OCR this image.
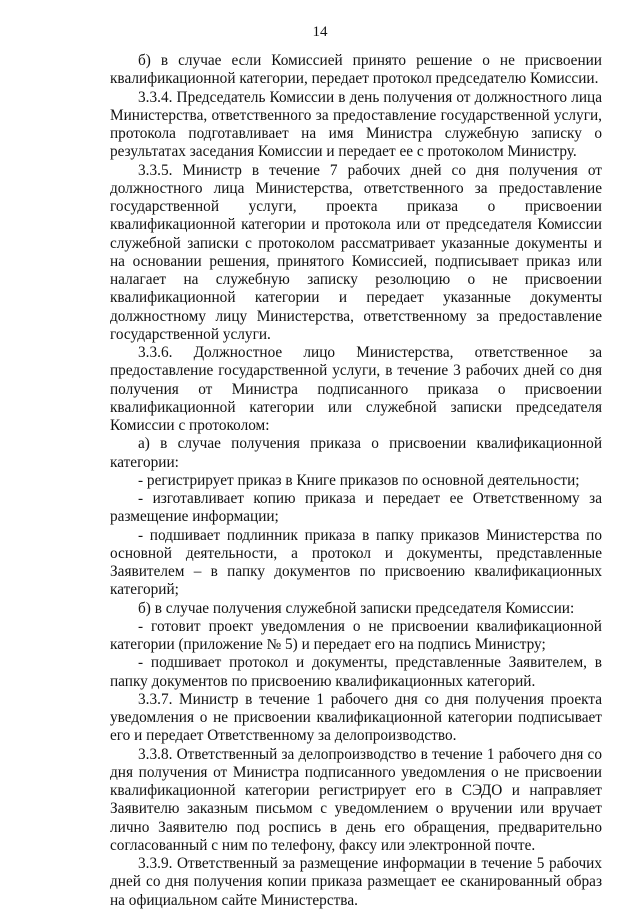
14

б) в случае если Комиссией принято решение о не присвоении квалификационной категории, передает протокол председателю Комиссии.

3.3.4. Председатель Комиссии в день получения от должностного лица Министерства, ответственного за предоставление государственной услуги, протокола подготавливает на имя Министра служебную записку о результатах заседания Комиссии и передает ее с протоколом Министру.

3.3.5. Министр в течение 7 рабочих дней со дня получения от должностного лица Министерства, ответственного за предоставление государственной услуги, проекта приказа о присвоении квалификационной категории и протокола или от председателя Комиссии служебной записки с протоколом рассматривает указанные документы и на основании решения, принятого Комиссией, подписывает приказ или налагает на служебную записку резолюцию о не присвоении квалификационной категории и передает указанные документы должностному лицу Министерства, ответственному за предоставление государственной услуги.

3.3.6. Должностное лицо Министерства, ответственное за предоставление государственной услуги, в течение 3 рабочих дней со дня получения от Министра подписанного приказа о присвоении квалификационной категории или служебной записки председателя Комиссии с протоколом:

а) в случае получения приказа о присвоении квалификационной категории:

- регистрирует приказ в Книге приказов по основной деятельности;

- изготавливает копию приказа и передает ее Ответственному за размещение информации;

- подшивает подлинник приказа в папку приказов Министерства по основной деятельности, а протокол и документы, представленные Заявителем – в папку документов по присвоению квалификационных категорий;

б) в случае получения служебной записки председателя Комиссии:

- готовит проект уведомления о не присвоении квалификационной категории (приложение № 5) и передает его на подпись Министру;

- подшивает протокол и документы, представленные Заявителем, в папку документов по присвоению квалификационных категорий.

3.3.7. Министр в течение 1 рабочего дня со дня получения проекта уведомления о не присвоении квалификационной категории подписывает его и передает Ответственному за делопроизводство.

3.3.8. Ответственный за делопроизводство в течение 1 рабочего дня со дня получения от Министра подписанного уведомления о не присвоении квалификационной категории регистрирует его в СЭДО и направляет Заявителю заказным письмом с уведомлением о вручении или вручает лично Заявителю под роспись в день его обращения, предварительно согласованный с ним по телефону, факсу или электронной почте.

3.3.9. Ответственный за размещение информации в течение 5 рабочих дней со дня получения копии приказа размещает ее сканированный образ на официальном сайте Министерства.
